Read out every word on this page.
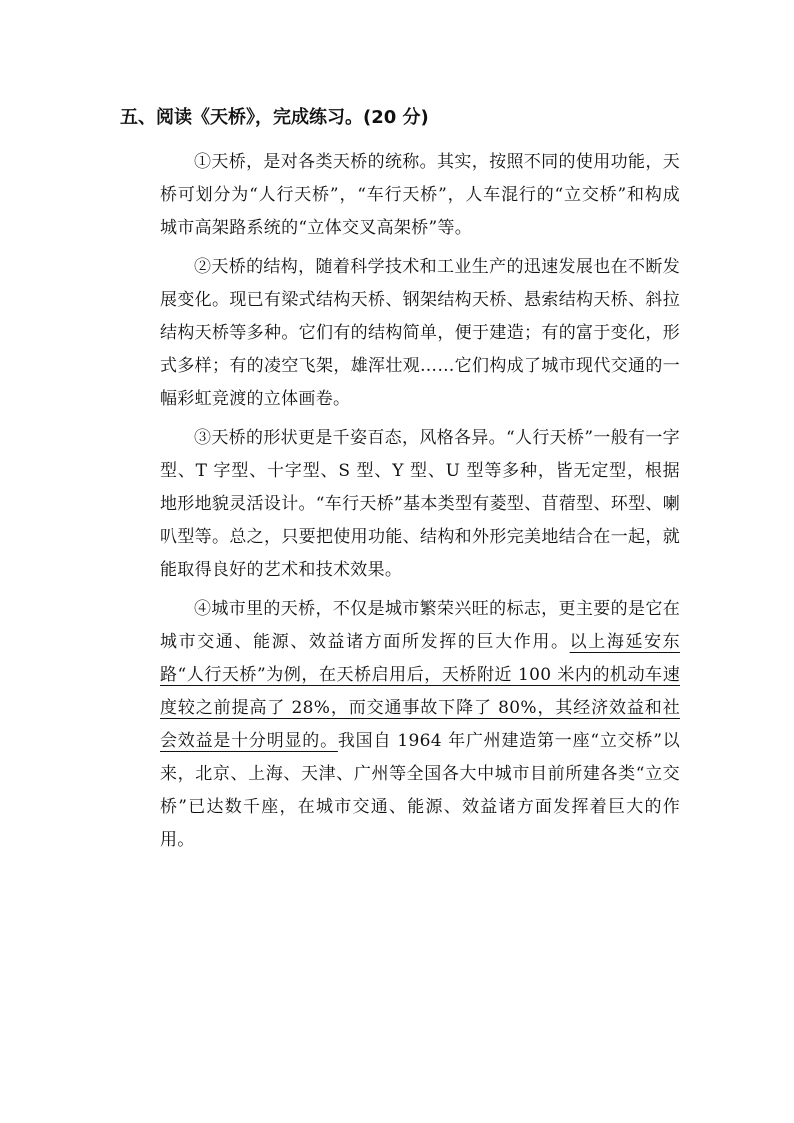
五、阅读《天桥》，完成练习。(20 分)

①天桥，是对各类天桥的统称。其实，按照不同的使用功能，天桥可划分为“人行天桥”，“车行天桥”，人车混行的“立交桥”和构成城市高架路系统的“立体交叉高架桥”等。

②天桥的结构，随着科学技术和工业生产的迅速发展也在不断发展变化。现已有梁式结构天桥、钢架结构天桥、悬索结构天桥、斜拉结构天桥等多种。它们有的结构简单，便于建造；有的富于变化，形式多样；有的凌空飞架，雄浑壮观……它们构成了城市现代交通的一幅彩虹竞渡的立体画卷。

③天桥的形状更是千姿百态，风格各异。“人行天桥”一般有一字型、T 字型、十字型、S 型、Y 型、U 型等多种，皆无定型，根据地形地貌灵活设计。“车行天桥”基本类型有菱型、苜蓿型、环型、喇叭型等。总之，只要把使用功能、结构和外形完美地结合在一起，就能取得良好的艺术和技术效果。

④城市里的天桥，不仅是城市繁荣兴旺的标志，更主要的是它在城市交通、能源、效益诸方面所发挥的巨大作用。以上海延安东路“人行天桥”为例，在天桥启用后，天桥附近 100 米内的机动车速度较之前提高了 28%，而交通事故下降了 80%，其经济效益和社会效益是十分明显的。我国自 1964 年广州建造第一座“立交桥”以来，北京、上海、天津、广州等全国各大中城市目前所建各类“立交桥”已达数千座，在城市交通、能源、效益诸方面发挥着巨大的作用。
